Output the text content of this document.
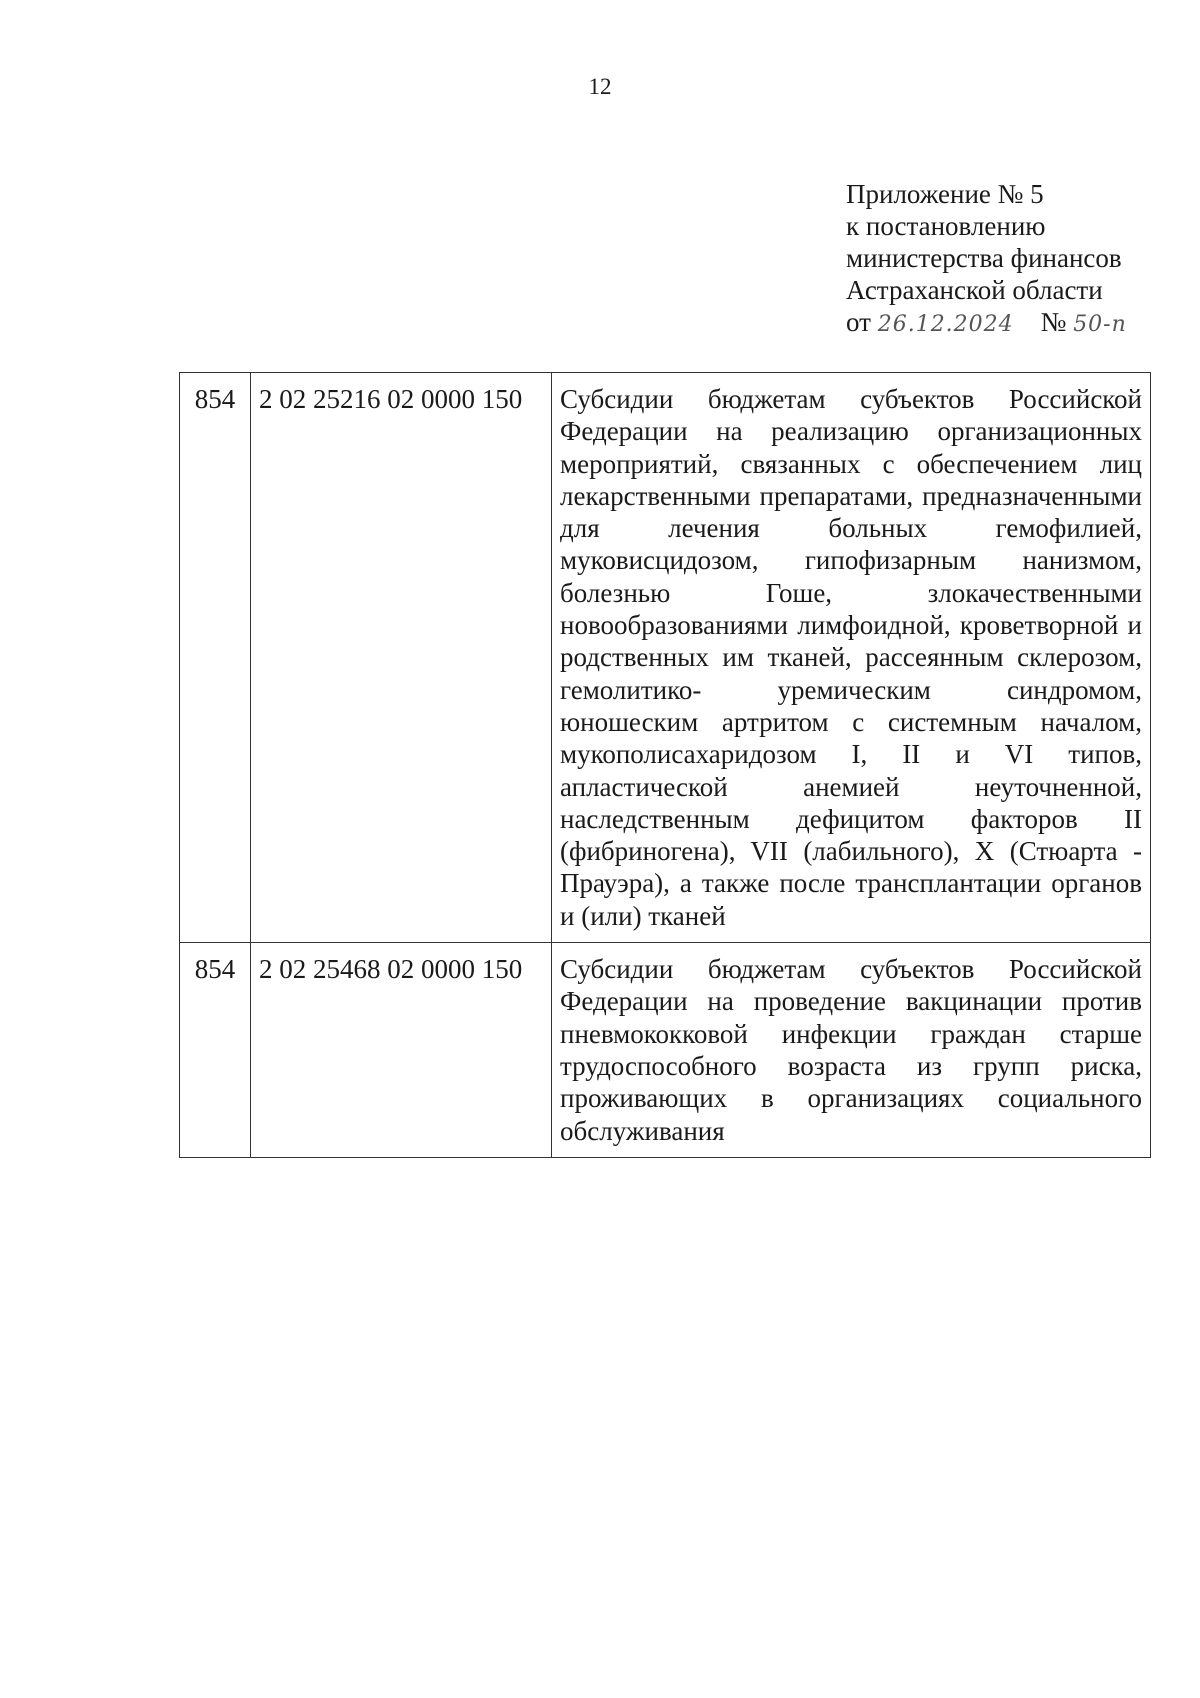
12
Приложение № 5
к постановлению
министерства финансов
Астраханской области
от 26.12.2024 № 50-п
854	2 02 25216 02 0000 150	Субсидии бюджетам субъектов Российской Федерации на реализацию организационных мероприятий, связанных с обеспечением лиц лекарственными препаратами, предназначенными для лечения больных гемофилией, муковисцидозом, гипофизарным нанизмом, болезнью Гоше, злокачественными новообразованиями лимфоидной, кроветворной и родственных им тканей, рассеянным склерозом, гемолитико- уремическим синдромом, юношеским артритом с системным началом, мукополисахаридозом I, II и VI типов, апластической анемией неуточненной, наследственным дефицитом факторов II (фибриногена), VII (лабильного), X (Стюарта - Прауэра), а также после трансплантации органов и (или) тканей
854	2 02 25468 02 0000 150	Субсидии бюджетам субъектов Российской Федерации на проведение вакцинации против пневмококковой инфекции граждан старше трудоспособного возраста из групп риска, проживающих в организациях социального обслуживания
